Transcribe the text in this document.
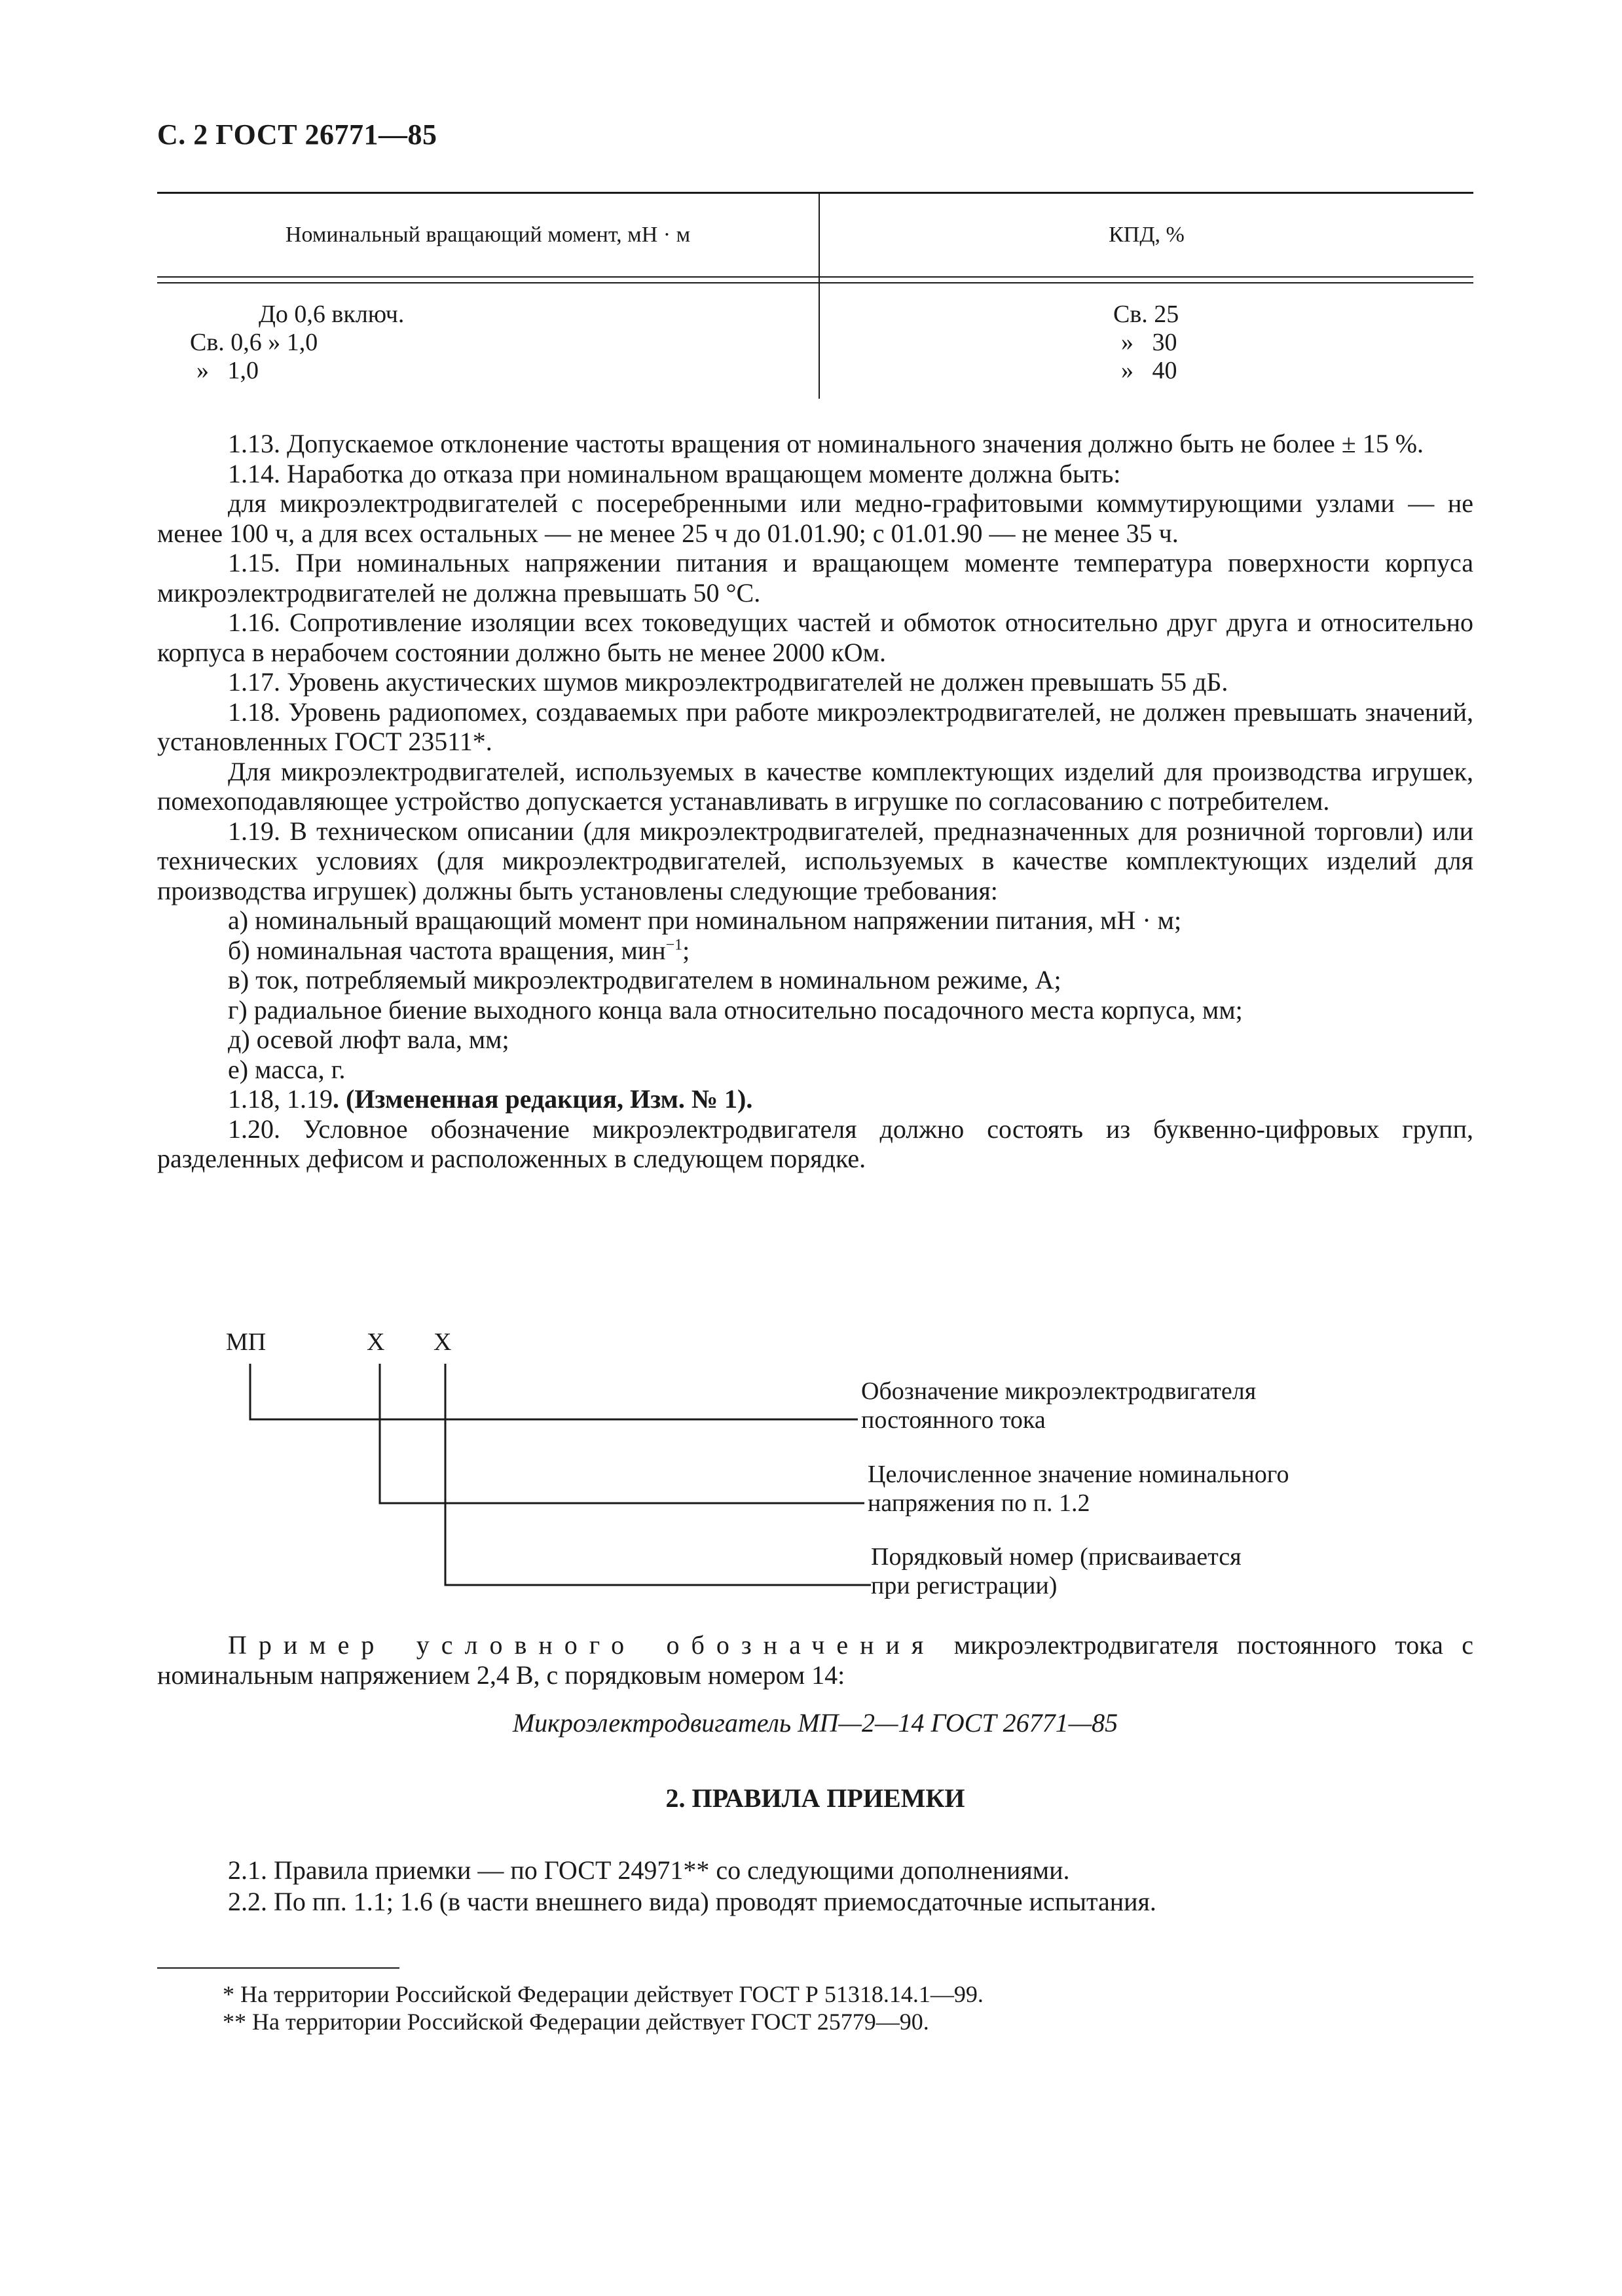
С. 2 ГОСТ 26771—85
Номинальный вращающий момент, мН · м	КПД, %
До 0,6 включ.
Св. 0,6 » 1,0
»   1,0
Св. 25
»   30
»   40

1.13. Допускаемое отклонение частоты вращения от номинального значения должно быть не более ± 15 %.

1.14. Наработка до отказа при номинальном вращающем моменте должна быть:

для микроэлектродвигателей с посеребренными или медно-графитовыми коммутирующими узлами — не менее 100 ч, а для всех остальных — не менее 25 ч до 01.01.90; с 01.01.90 — не менее 35 ч.

1.15. При номинальных напряжении питания и вращающем моменте температура поверхности корпуса микроэлектродвигателей не должна превышать 50 °С.

1.16. Сопротивление изоляции всех токоведущих частей и обмоток относительно друг друга и относительно корпуса в нерабочем состоянии должно быть не менее 2000 кОм.

1.17. Уровень акустических шумов микроэлектродвигателей не должен превышать 55 дБ.

1.18. Уровень радиопомех, создаваемых при работе микроэлектродвигателей, не должен превышать значений, установленных ГОСТ 23511*.

Для микроэлектродвигателей, используемых в качестве комплектующих изделий для производства игрушек, помехоподавляющее устройство допускается устанавливать в игрушке по согласованию с потребителем.

1.19. В техническом описании (для микроэлектродвигателей, предназначенных для розничной торговли) или технических условиях (для микроэлектродвигателей, используемых в качестве комплектующих изделий для производства игрушек) должны быть установлены следующие требования:

а) номинальный вращающий момент при номинальном напряжении питания, мН · м;

б) номинальная частота вращения, мин$^{-1}$;

в) ток, потребляемый микроэлектродвигателем в номинальном режиме, А;

г) радиальное биение выходного конца вала относительно посадочного места корпуса, мм;

д) осевой люфт вала, мм;

е) масса, г.

1.18, 1.19. (Измененная редакция, Изм. № 1).

1.20. Условное обозначение микроэлектродвигателя должно состоять из буквенно-цифровых групп, разделенных дефисом и расположенных в следующем порядке.

МП	Х Х
Обозначение микроэлектродвигателя
постоянного тока
Целочисленное значение номинального
напряжения по п. 1.2
Порядковый номер (присваивается
при регистрации)

Пример условного обозначения микроэлектродвигателя постоянного тока с номинальным напряжением 2,4 В, с порядковым номером 14:

Микроэлектродвигатель МП—2—14 ГОСТ 26771—85
2. ПРАВИЛА ПРИЕМКИ

2.1. Правила приемки — по ГОСТ 24971** со следующими дополнениями.

2.2. По пп. 1.1; 1.6 (в части внешнего вида) проводят приемосдаточные испытания.

* На территории Российской Федерации действует ГОСТ Р 51318.14.1—99.

** На территории Российской Федерации действует ГОСТ 25779—90.
